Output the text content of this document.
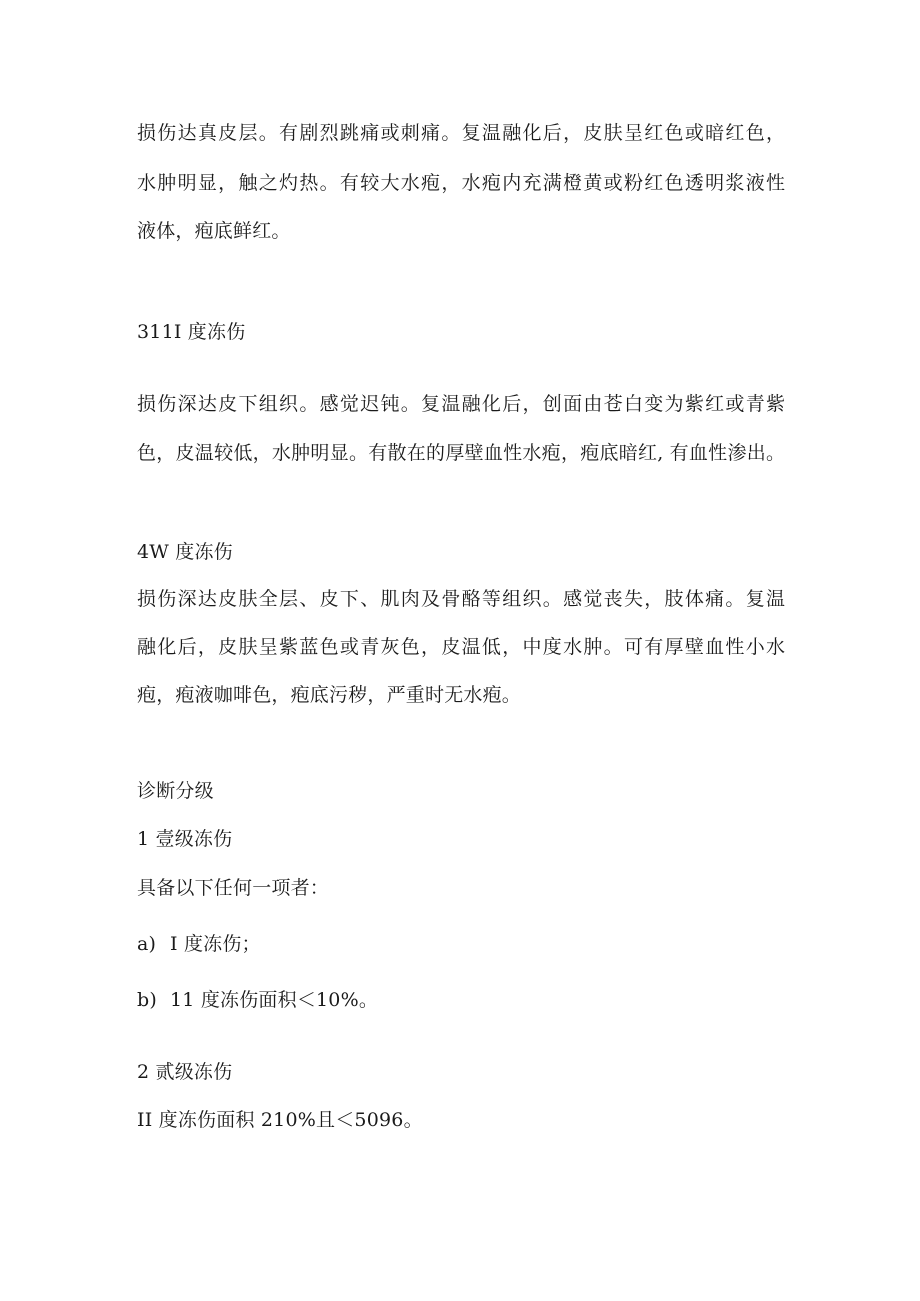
损伤达真皮层。有剧烈跳痛或刺痛。复温融化后，皮肤呈红色或暗红色，
水肿明显，触之灼热。有较大水疱，水疱内充满橙黄或粉红色透明浆液性
液体，疱底鲜红。
311I 度冻伤
损伤深达皮下组织。感觉迟钝。复温融化后，创面由苍白变为紫红或青紫
色，皮温较低，水肿明显。有散在的厚壁血性水疱，疱底暗红, 有血性渗出。
4W 度冻伤
损伤深达皮肤全层、皮下、肌肉及骨酪等组织。感觉丧失，肢体痛。复温
融化后，皮肤呈紫蓝色或青灰色，皮温低，中度水肿。可有厚壁血性小水
疱，疱液咖啡色，疱底污秽，严重时无水疱。
诊断分级
1 壹级冻伤
具备以下任何一项者：
a) I 度冻伤；
b) 11 度冻伤面积＜10%。
2 贰级冻伤
II 度冻伤面积 210%且＜5096。
